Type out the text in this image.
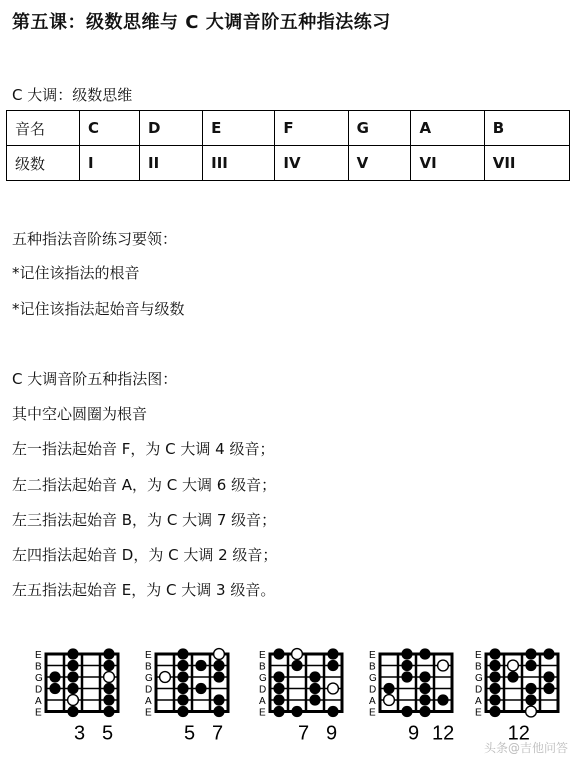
第五课：级数思维与 C 大调音阶五种指法练习
C 大调：级数思维
音名	C	D	E	F	G	A	B
级数	I	II	III	IV	V	VI	VII
五种指法音阶练习要领：
*记住该指法的根音
*记住该指法起始音与级数
C 大调音阶五种指法图：
其中空心圆圈为根音
左一指法起始音 F，为 C 大调 4 级音；
左二指法起始音 A，为 C 大调 6 级音；
左三指法起始音 B，为 C 大调 7 级音；
左四指法起始音 D，为 C 大调 2 级音；
左五指法起始音 E，为 C 大调 3 级音。
E
B
G
D
A
E
3 5
E
B
G
D
A
E
5 7
E
B
G
D
A
E
7 9
E
B
G
D
A
E
9 12
E
B
G
D
A
E
12
头条@吉他问答
